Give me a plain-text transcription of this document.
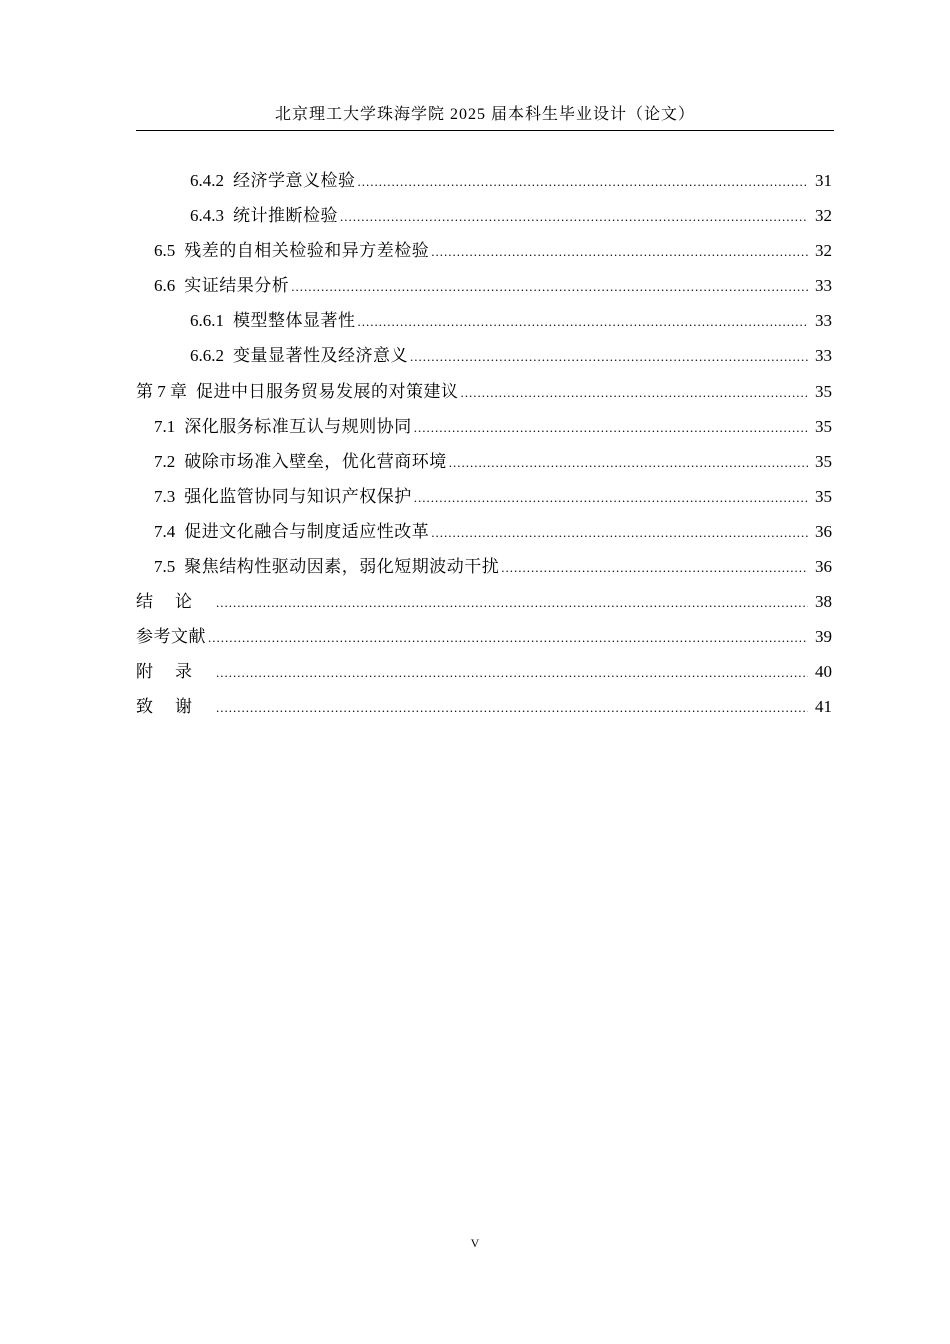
北京理工大学珠海学院 2025 届本科生毕业设计（论文）
6.4.2 经济学意义检验 .....	31
6.4.3 统计推断检验 .....	32
6.5 残差的自相关检验和异方差检验 .....	32
6.6 实证结果分析 .....	33
6.6.1 模型整体显著性 .....	33
6.6.2 变量显著性及经济意义 .....	33
第 7 章 促进中日服务贸易发展的对策建议 .....	35
7.1 深化服务标准互认与规则协同 .....	35
7.2 破除市场准入壁垒，优化营商环境 .....	35
7.3 强化监管协同与知识产权保护 .....	35
7.4 促进文化融合与制度适应性改革 .....	36
7.5 聚焦结构性驱动因素，弱化短期波动干扰 .....	36
结论 .....	38
参考文献 .....	39
附录 .....	40
致谢 .....	41
V
